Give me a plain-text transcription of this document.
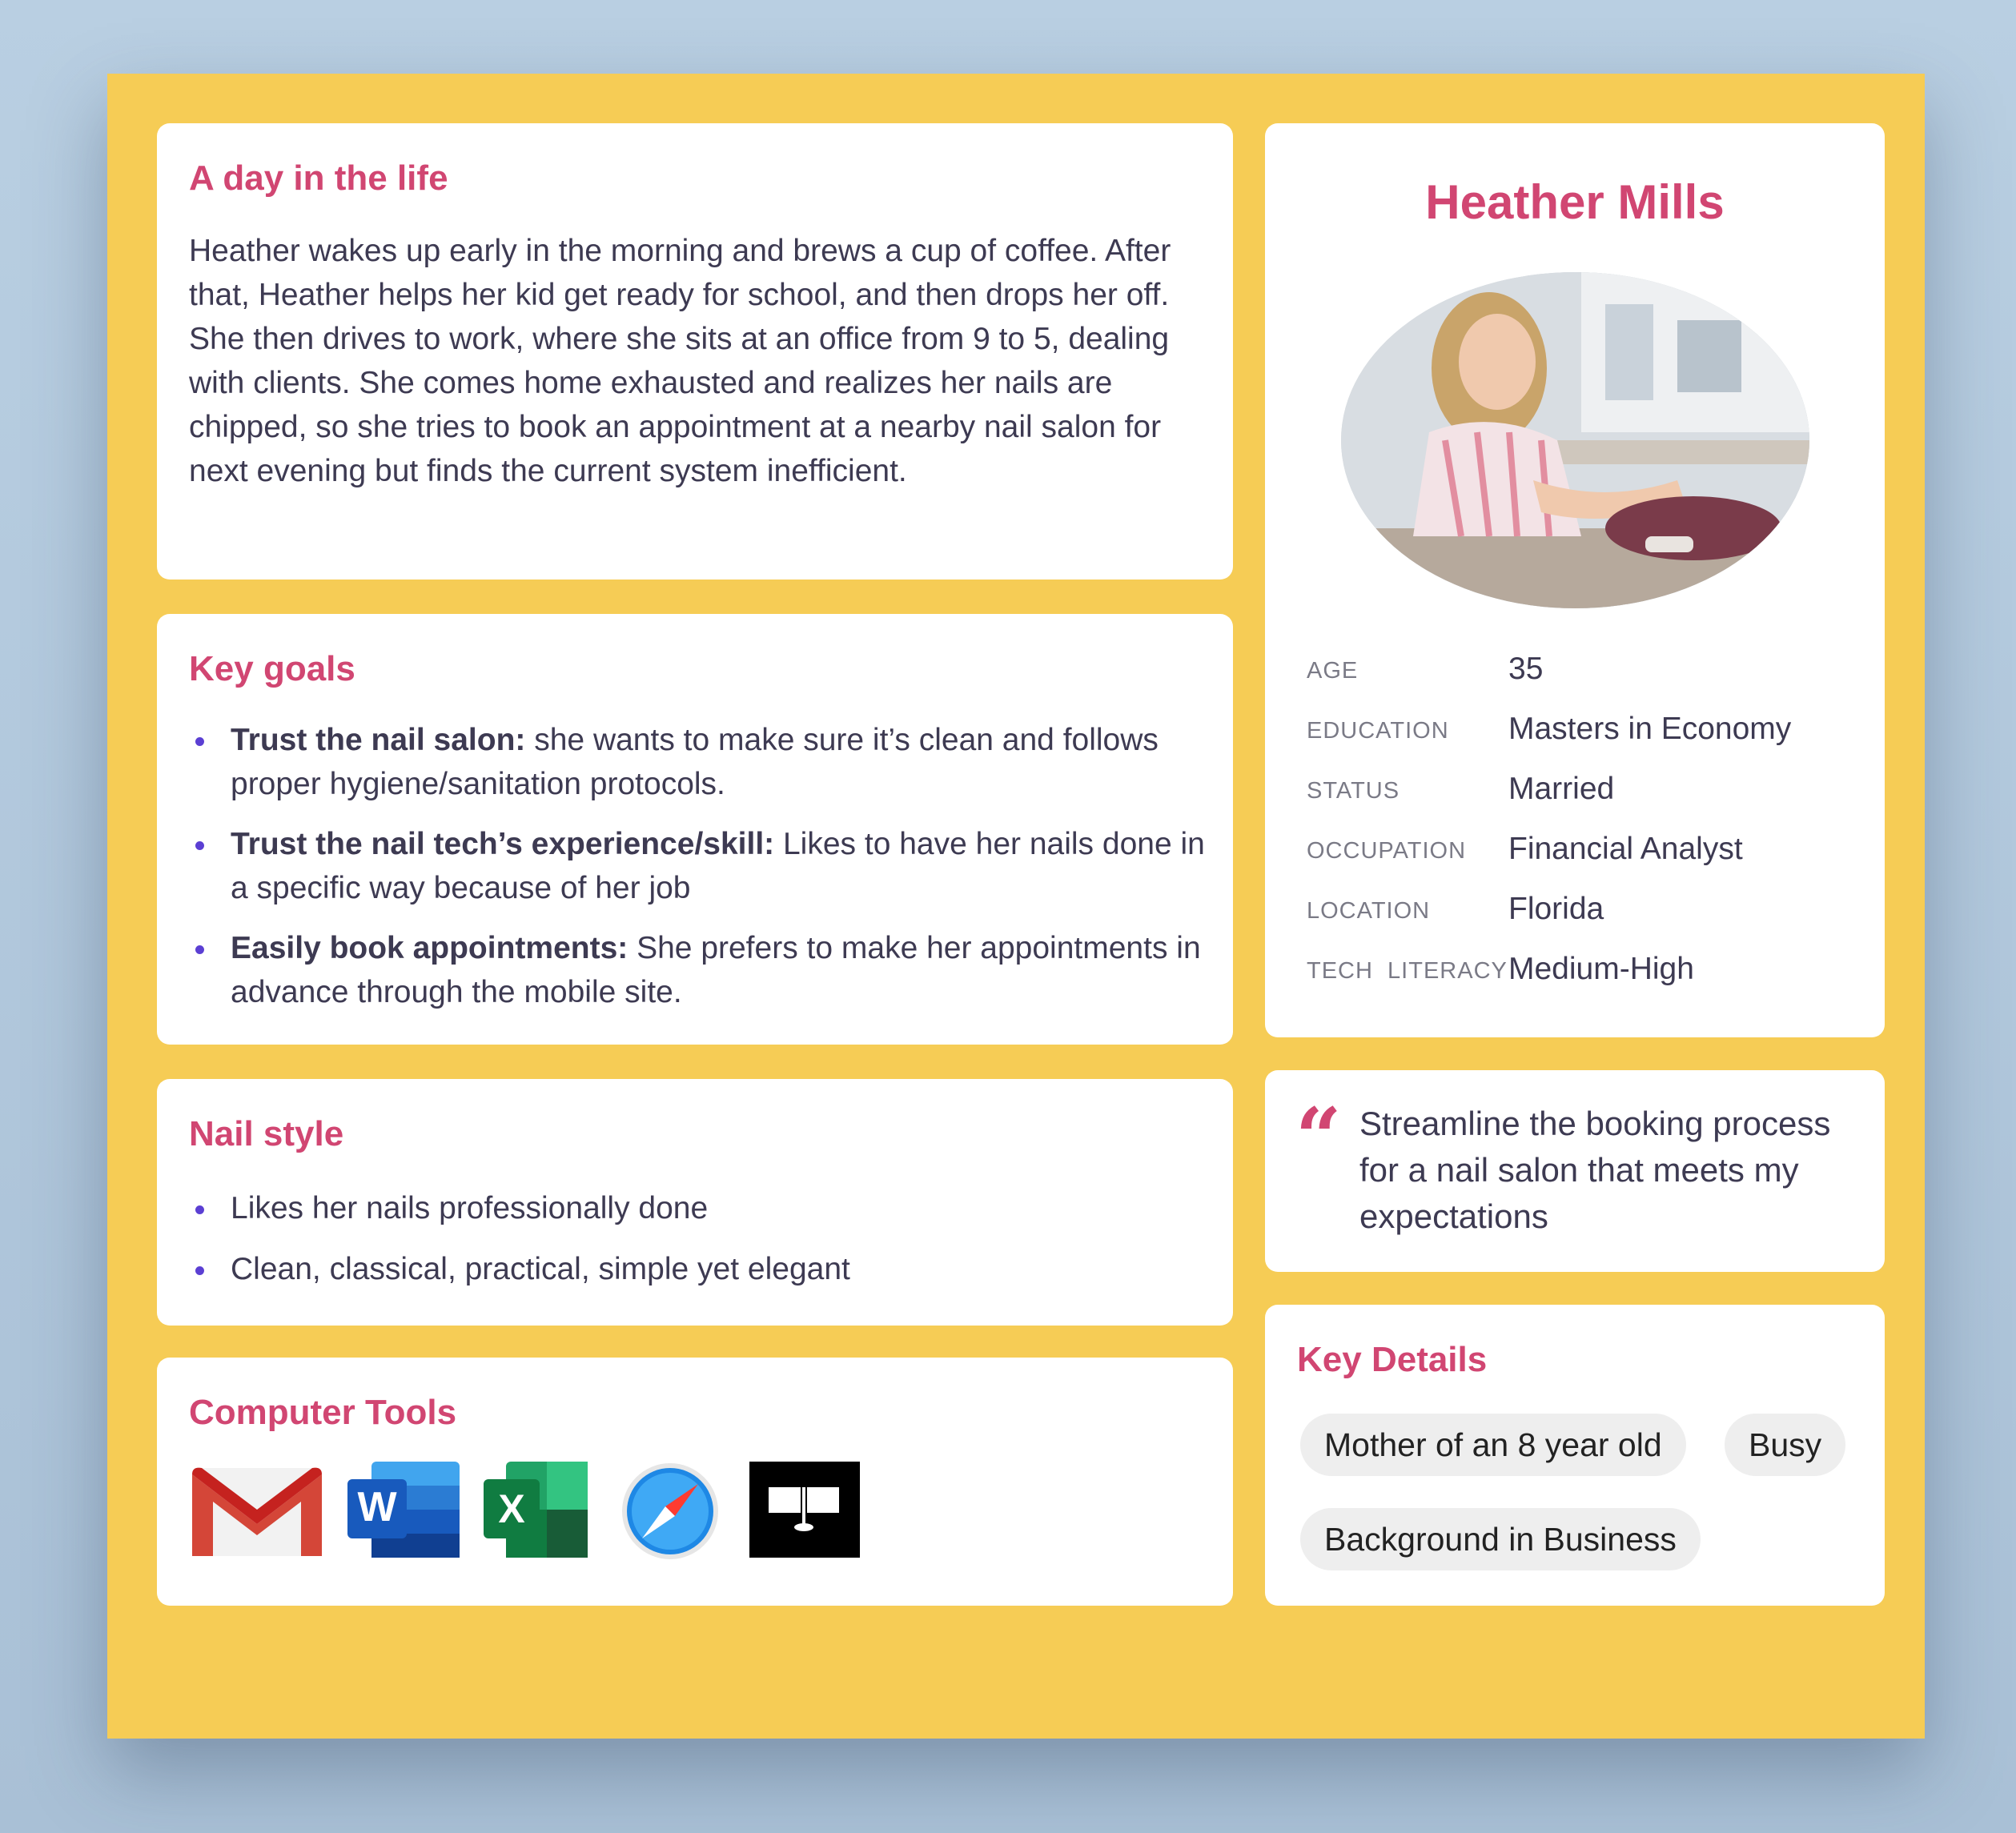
A day in the life
Heather wakes up early in the morning and brews a cup of coffee. After that, Heather helps her kid get ready for school, and then drops her off. She then drives to work, where she sits at an office from 9 to 5, dealing with clients. She comes home exhausted and realizes her nails are chipped, so she tries to book an appointment at a nearby nail salon for next evening but finds the current system inefficient.
Key goals
Trust the nail salon: she wants to make sure it’s clean and follows proper hygiene/sanitation protocols.
Trust the nail tech’s experience/skill: Likes to have her nails done in a specific way because of her job
Easily book appointments: She prefers to make her appointments in advance through the mobile site.
Nail style
Likes her nails professionally done
Clean, classical, practical, simple yet elegant
Computer Tools
W	X
Heather Mills
AGE	35
EDUCATION Masters in Economy
STATUS	Married
OCCUPATION Financial Analyst
LOCATION	Florida
TECH  LITERACY Medium-High
“ Streamline the booking process for a nail salon that meets my expectations
Key Details
Mother of an 8 year old	Busy
Background in Business
